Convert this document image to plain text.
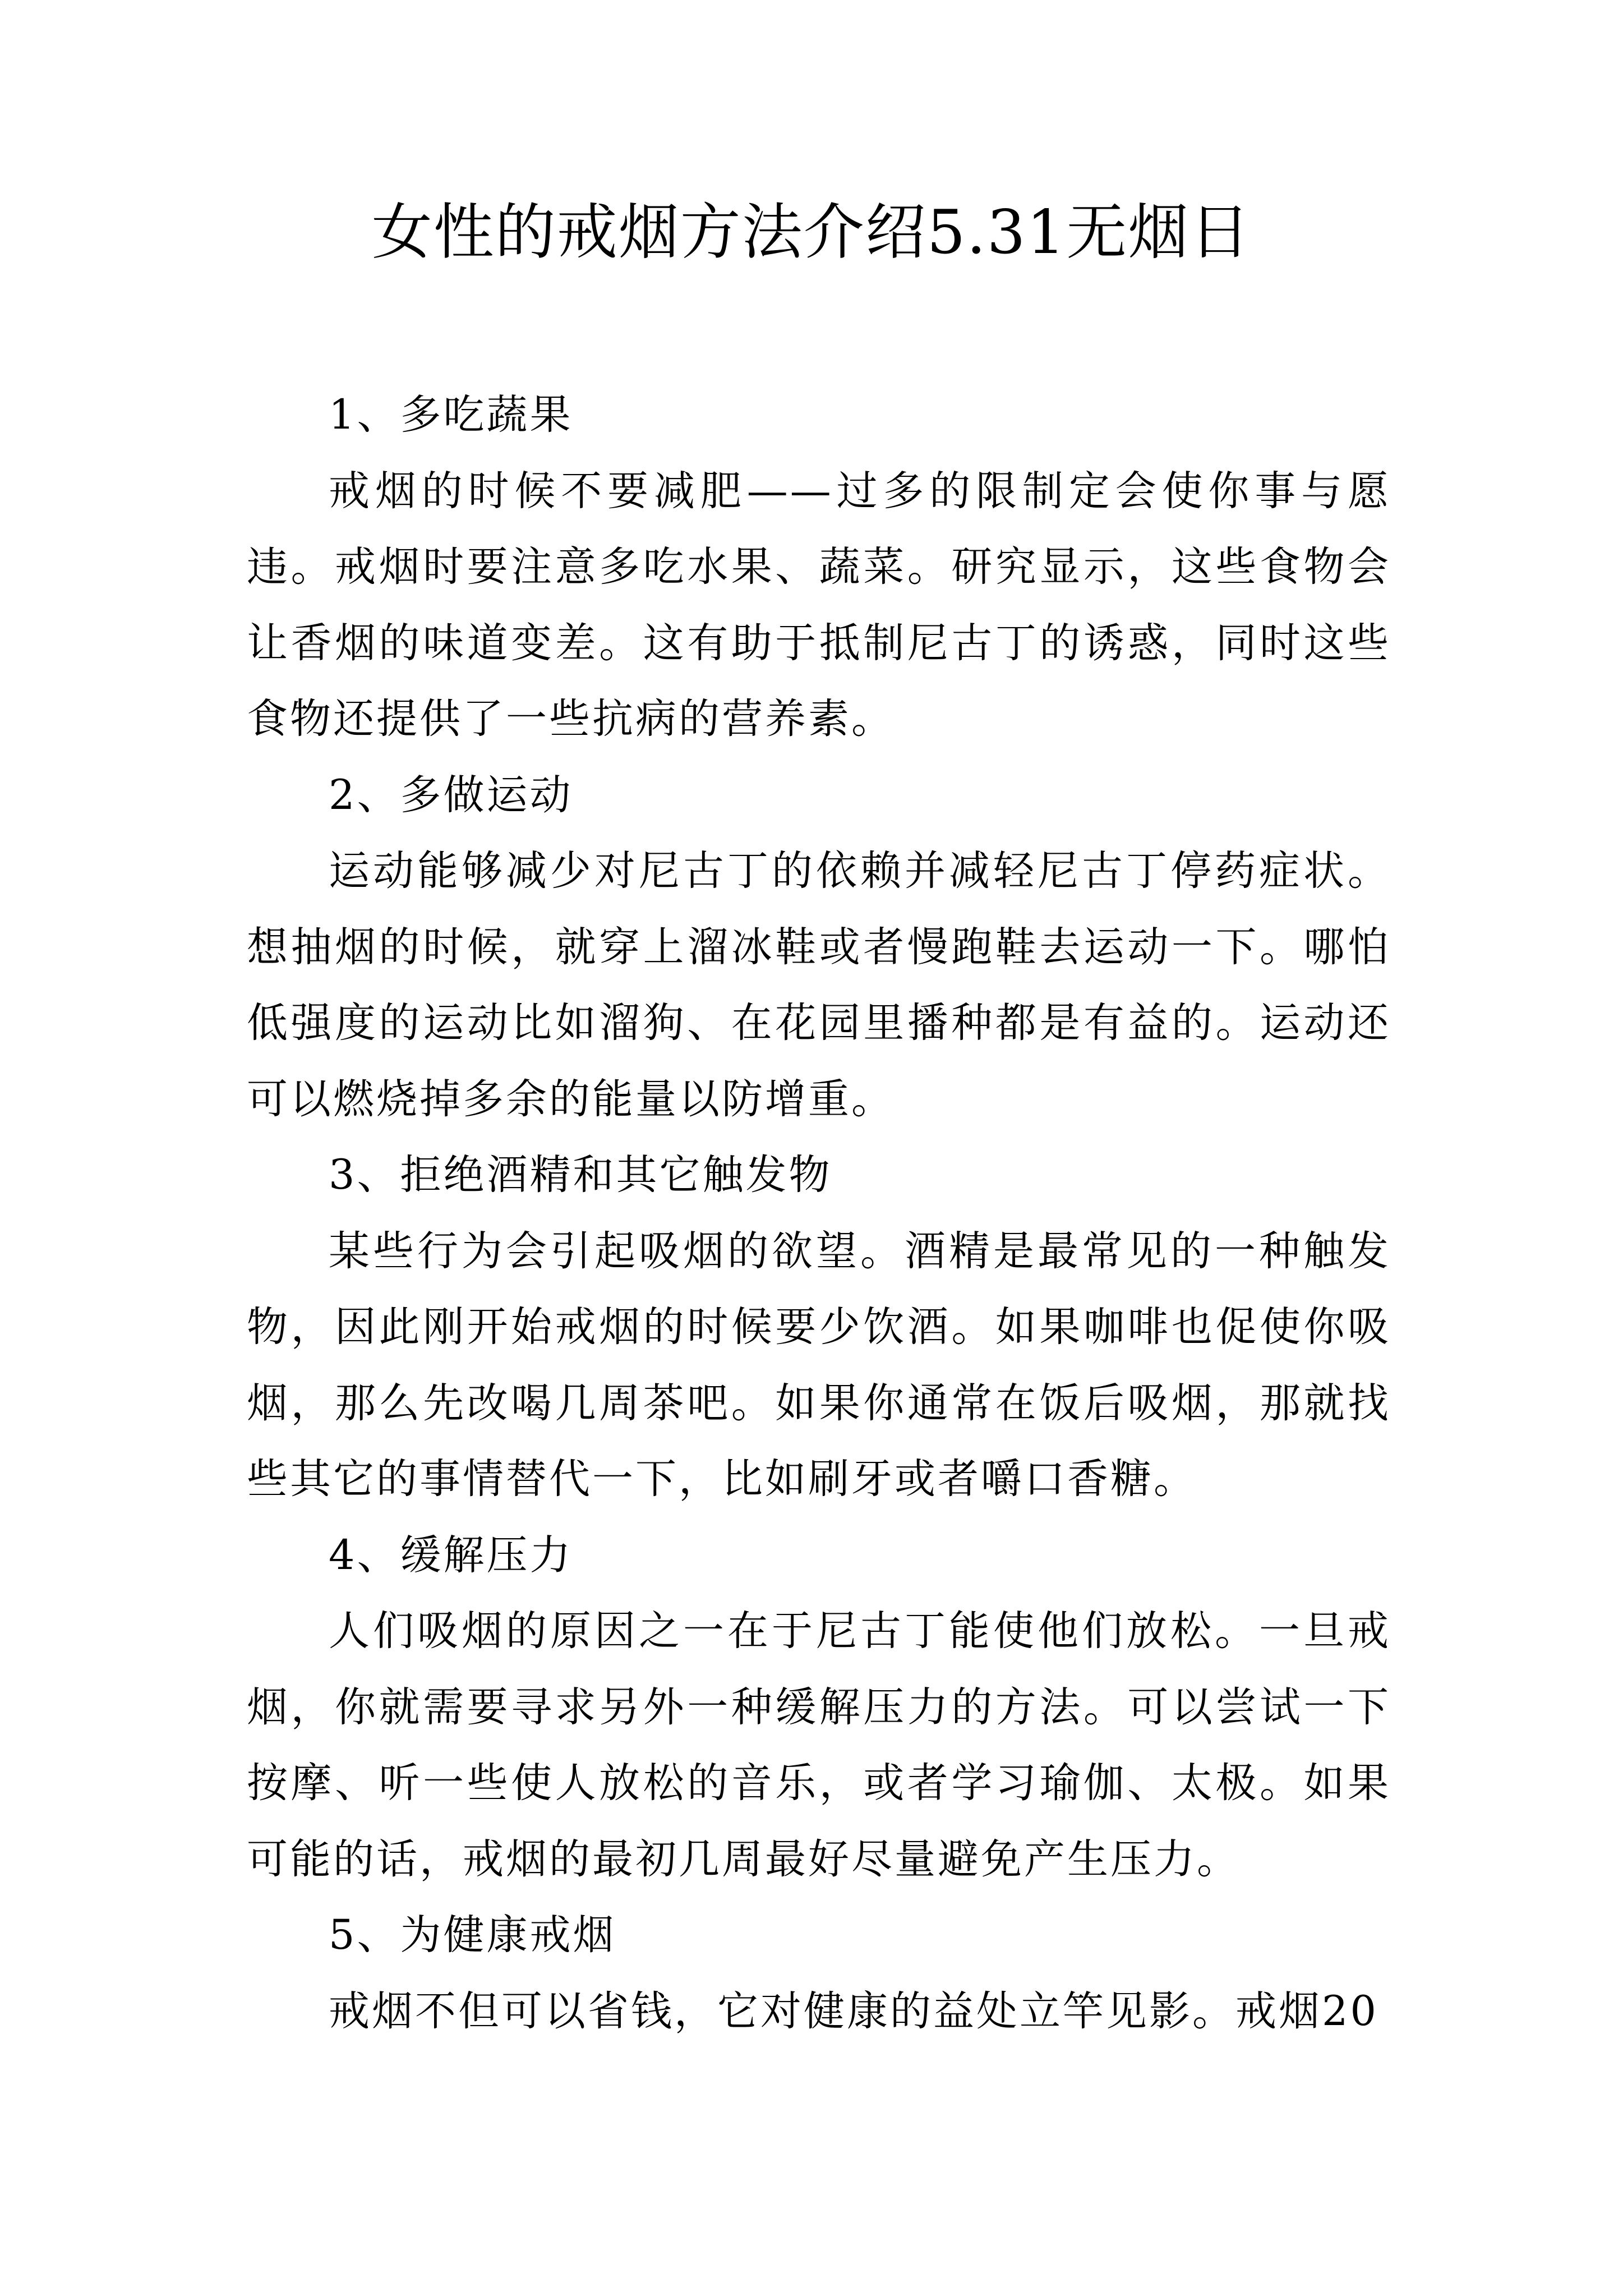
女性的戒烟方法介绍5.31无烟日

1、多吃蔬果

戒烟的时候不要减肥——过多的限制定会使你事与愿违。戒烟时要注意多吃水果、蔬菜。研究显示，这些食物会让香烟的味道变差。这有助于抵制尼古丁的诱惑，同时这些食物还提供了一些抗病的营养素。

2、多做运动

运动能够减少对尼古丁的依赖并减轻尼古丁停药症状。想抽烟的时候，就穿上溜冰鞋或者慢跑鞋去运动一下。哪怕低强度的运动比如溜狗、在花园里播种都是有益的。运动还可以燃烧掉多余的能量以防增重。

3、拒绝酒精和其它触发物

某些行为会引起吸烟的欲望。酒精是最常见的一种触发物，因此刚开始戒烟的时候要少饮酒。如果咖啡也促使你吸烟，那么先改喝几周茶吧。如果你通常在饭后吸烟，那就找些其它的事情替代一下，比如刷牙或者嚼口香糖。

4、缓解压力

人们吸烟的原因之一在于尼古丁能使他们放松。一旦戒烟，你就需要寻求另外一种缓解压力的方法。可以尝试一下按摩、听一些使人放松的音乐，或者学习瑜伽、太极。如果可能的话，戒烟的最初几周最好尽量避免产生压力。

5、为健康戒烟

戒烟不但可以省钱，它对健康的益处立竿见影。戒烟20
